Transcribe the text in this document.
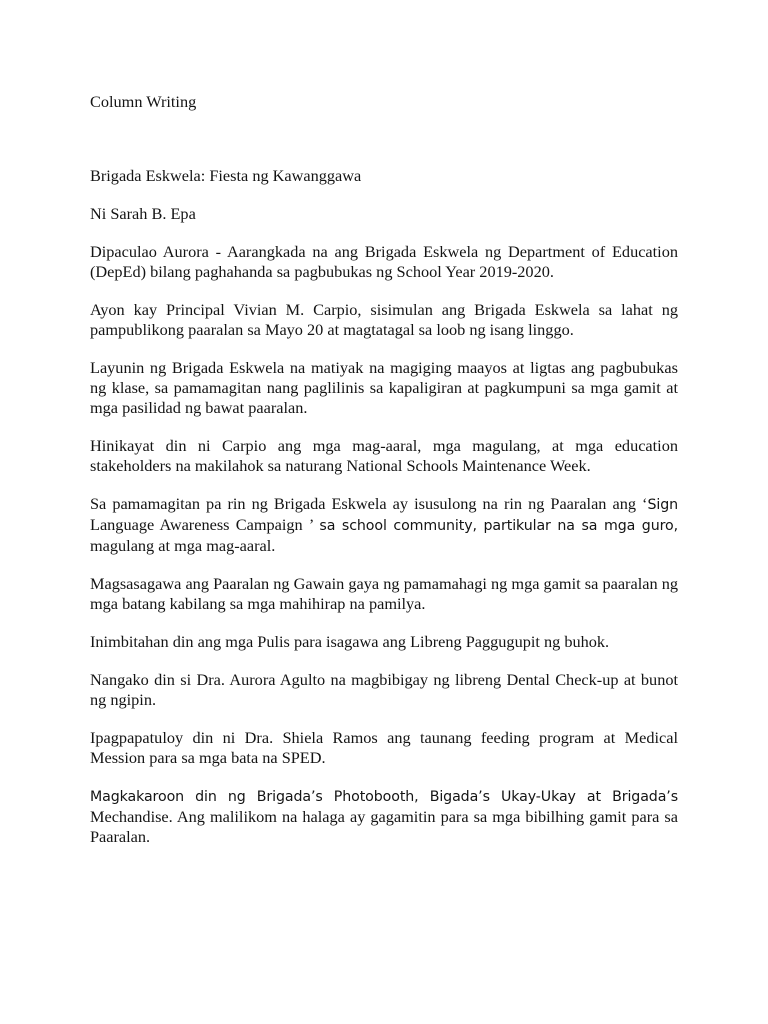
Column Writing

Brigada Eskwela: Fiesta ng Kawanggawa

Ni Sarah B. Epa

Dipaculao Aurora - Aarangkada na ang Brigada Eskwela ng Department of Education (DepEd) bilang paghahanda sa pagbubukas ng School Year 2019-2020.

Ayon kay Principal Vivian M. Carpio, sisimulan ang Brigada Eskwela sa lahat ng pampublikong paaralan sa Mayo 20 at magtatagal sa loob ng isang linggo.

Layunin ng Brigada Eskwela na matiyak na magiging maayos at ligtas ang pagbubukas ng klase, sa pamamagitan nang paglilinis sa kapaligiran at pagkumpuni sa mga gamit at mga pasilidad ng bawat paaralan.

Hinikayat din ni Carpio ang mga mag-aaral, mga magulang, at mga education stakeholders na makilahok sa naturang National Schools Maintenance Week.

Sa pamamagitan pa rin ng Brigada Eskwela ay isusulong na rin ng Paaralan ang ‘Sign Language Awareness Campaign ’ sa school community, partikular na sa mga guro, magulang at mga mag-aaral.

Magsasagawa ang Paaralan ng Gawain gaya ng pamamahagi ng mga gamit sa paaralan ng mga batang kabilang sa mga mahihirap na pamilya.

Inimbitahan din ang mga Pulis para isagawa ang Libreng Paggugupit ng buhok.

Nangako din si Dra. Aurora Agulto na magbibigay ng libreng Dental Check-up at bunot ng ngipin.

Ipagpapatuloy din ni Dra. Shiela Ramos ang taunang feeding program at Medical Mession para sa mga bata na SPED.

Magkakaroon din ng Brigada’s Photobooth, Bigada’s Ukay-Ukay at Brigada’s Mechandise. Ang malilikom na halaga ay gagamitin para sa mga bibilhing gamit para sa Paaralan.
